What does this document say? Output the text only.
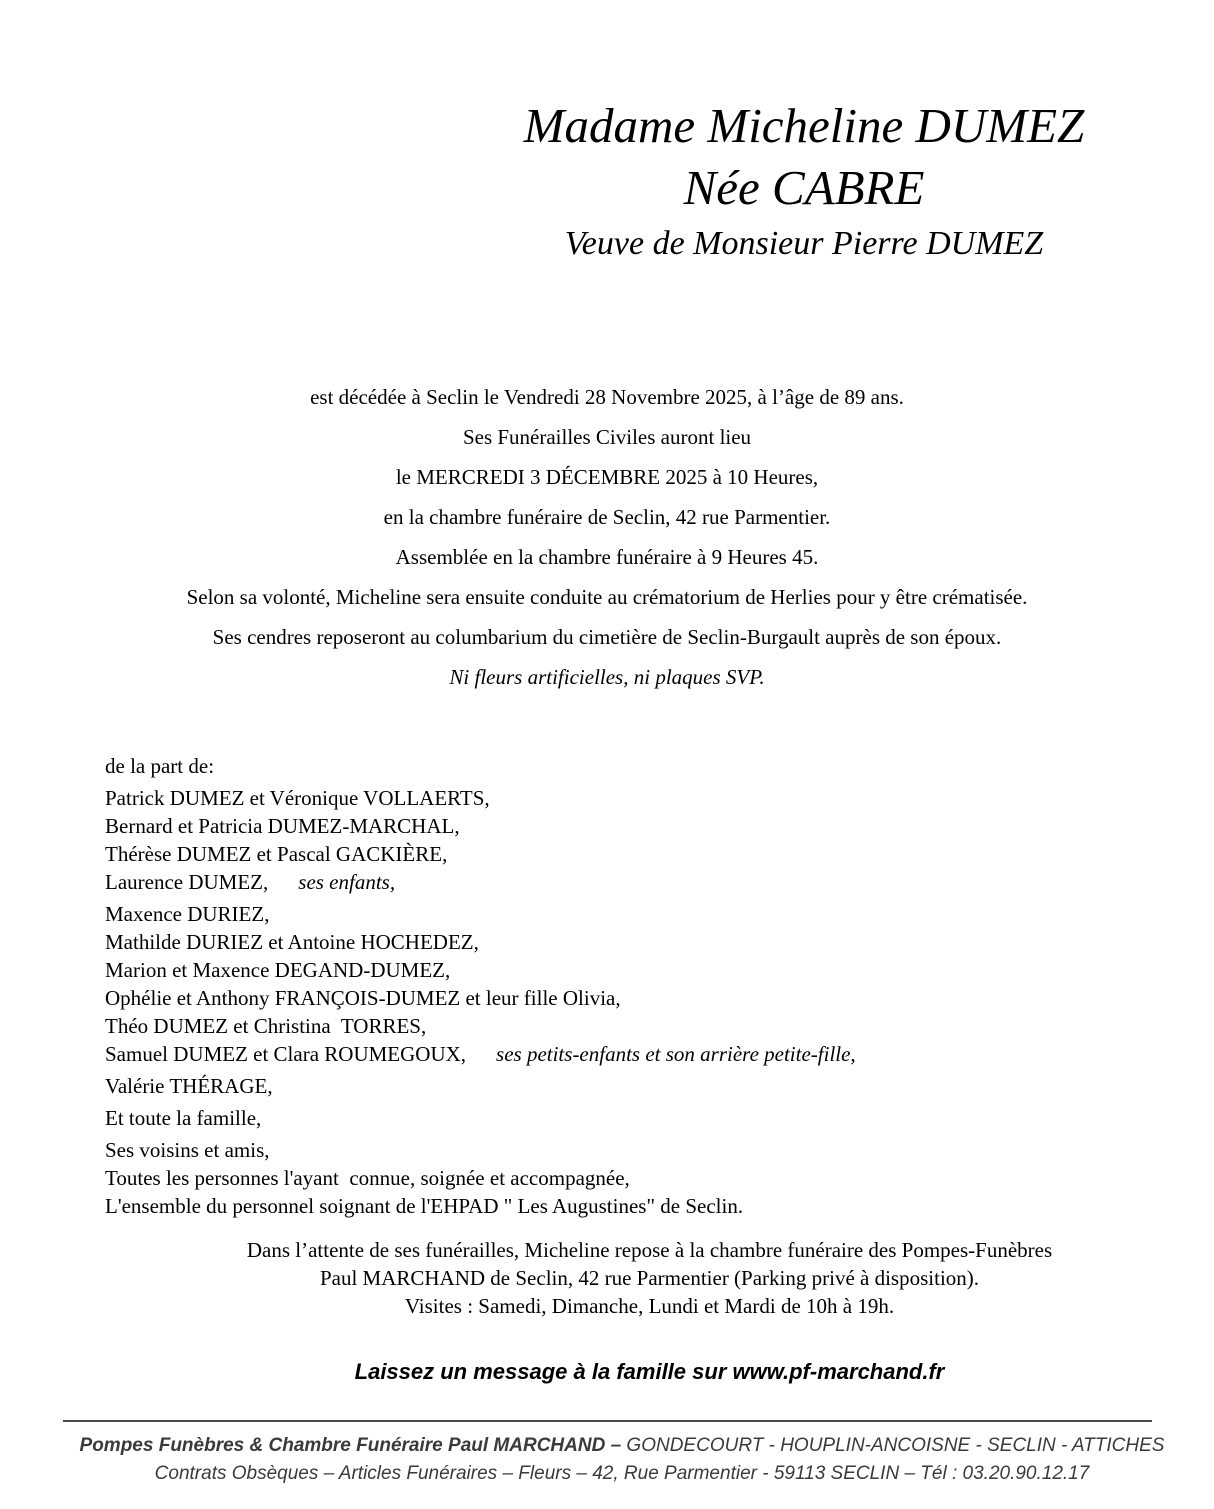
Madame Micheline DUMEZ
Née CABRE
Veuve de Monsieur Pierre DUMEZ

est décédée à Seclin le Vendredi 28 Novembre 2025, à l’âge de 89 ans.

Ses Funérailles Civiles auront lieu

le MERCREDI 3 DÉCEMBRE 2025 à 10 Heures,

en la chambre funéraire de Seclin, 42 rue Parmentier.

Assemblée en la chambre funéraire à 9 Heures 45.

Selon sa volonté, Micheline sera ensuite conduite au crématorium de Herlies pour y être crématisée.

Ses cendres reposeront au columbarium du cimetière de Seclin-Burgault auprès de son époux.

Ni fleurs artificielles, ni plaques SVP.

de la part de:

Patrick DUMEZ et Véronique VOLLAERTS,

Bernard et Patricia DUMEZ-MARCHAL,

Thérèse DUMEZ et Pascal GACKIÈRE,

Laurence DUMEZ, ses enfants,

Maxence DURIEZ,

Mathilde DURIEZ et Antoine HOCHEDEZ,

Marion et Maxence DEGAND-DUMEZ,

Ophélie et Anthony FRANÇOIS-DUMEZ et leur fille Olivia,

Théo DUMEZ et Christina  TORRES,

Samuel DUMEZ et Clara ROUMEGOUX, ses petits-enfants et son arrière petite-fille,

Valérie THÉRAGE,

Et toute la famille,

Ses voisins et amis,

Toutes les personnes l'ayant  connue, soignée et accompagnée,

L'ensemble du personnel soignant de l'EHPAD " Les Augustines" de Seclin.

Dans l’attente de ses funérailles, Micheline repose à la chambre funéraire des Pompes-Funèbres

Paul MARCHAND de Seclin, 42 rue Parmentier (Parking privé à disposition).

Visites : Samedi, Dimanche, Lundi et Mardi de 10h à 19h.

Laissez un message à la famille sur www.pf-marchand.fr

Pompes Funèbres & Chambre Funéraire Paul MARCHAND – GONDECOURT - HOUPLIN-ANCOISNE - SECLIN - ATTICHES

Contrats Obsèques – Articles Funéraires – Fleurs – 42, Rue Parmentier - 59113 SECLIN – Tél : 03.20.90.12.17
